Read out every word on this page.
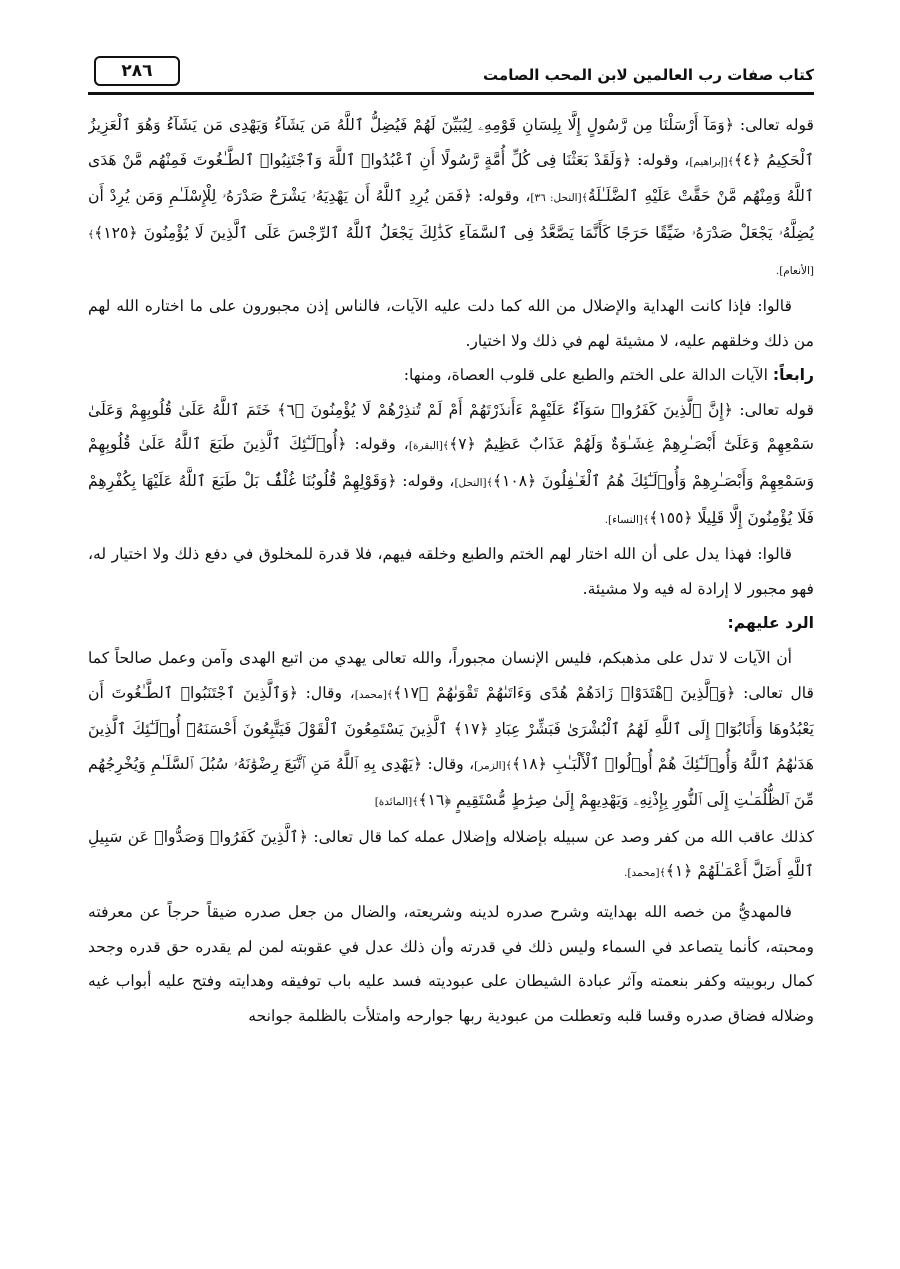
كتاب صفات رب العالمين لابن المحب الصامت
٢٨٦

قوله تعالى: ﴿وَمَآ أَرْسَلْنَا مِن رَّسُولٍ إِلَّا بِلِسَانِ قَوْمِهِۦ لِيُبَيِّنَ لَهُمْ فَيُضِلُّ ٱللَّهُ مَن يَشَآءُ وَيَهْدِى مَن يَشَآءُ وَهُوَ ٱلْعَزِيزُ ٱلْحَكِيمُ ﴿٤﴾﴾[إبراهيم]، وقوله: ﴿وَلَقَدْ بَعَثْنَا فِى كُلِّ أُمَّةٍ رَّسُولًا أَنِ ٱعْبُدُوا۟ ٱللَّهَ وَٱجْتَنِبُوا۟ ٱلطَّـٰغُوتَ فَمِنْهُم مَّنْ هَدَى ٱللَّهُ وَمِنْهُم مَّنْ حَقَّتْ عَلَيْهِ ٱلضَّلَـٰلَةُ﴾[النحل: ٣٦]، وقوله: ﴿فَمَن يُرِدِ ٱللَّهُ أَن يَهْدِيَهُۥ يَشْرَحْ صَدْرَهُۥ لِلْإِسْلَـٰمِ وَمَن يُرِدْ أَن يُضِلَّهُۥ يَجْعَلْ صَدْرَهُۥ ضَيِّقًا حَرَجًا كَأَنَّمَا يَصَّعَّدُ فِى ٱلسَّمَآءِ كَذَٰلِكَ يَجْعَلُ ٱللَّهُ ٱلرِّجْسَ عَلَى ٱلَّذِينَ لَا يُؤْمِنُونَ ﴿١٢٥﴾﴾[الأنعام].

قالوا: فإذا كانت الهداية والإضلال من الله كما دلت عليه الآيات، فالناس إذن مجبورون على ما اختاره الله لهم من ذلك وخلقهم عليه، لا مشيئة لهم في ذلك ولا اختيار.

رابعاً: الآيات الدالة على الختم والطبع على قلوب العصاة، ومنها:

قوله تعالى: ﴿إِنَّ ٱلَّذِينَ كَفَرُوا۟ سَوَآءٌ عَلَيْهِمْ ءَأَنذَرْتَهُمْ أَمْ لَمْ تُنذِرْهُمْ لَا يُؤْمِنُونَ ﴿٦﴾ خَتَمَ ٱللَّهُ عَلَىٰ قُلُوبِهِمْ وَعَلَىٰ سَمْعِهِمْ وَعَلَىٰٓ أَبْصَـٰرِهِمْ غِشَـٰوَةٌ وَلَهُمْ عَذَابٌ عَظِيمٌ ﴿٧﴾﴾[البقرة]، وقوله: ﴿أُو۟لَـٰٓئِكَ ٱلَّذِينَ طَبَعَ ٱللَّهُ عَلَىٰ قُلُوبِهِمْ وَسَمْعِهِمْ وَأَبْصَـٰرِهِمْ وَأُو۟لَـٰٓئِكَ هُمُ ٱلْغَـٰفِلُونَ ﴿١٠٨﴾﴾[النحل]، وقوله: ﴿وَقَوْلِهِمْ قُلُوبُنَا غُلْفٌۢ بَلْ طَبَعَ ٱللَّهُ عَلَيْهَا بِكُفْرِهِمْ فَلَا يُؤْمِنُونَ إِلَّا قَلِيلًا ﴿١٥٥﴾﴾[النساء].

قالوا: فهذا يدل على أن الله اختار لهم الختم والطبع وخلقه فيهم، فلا قدرة للمخلوق في دفع ذلك ولا اختيار له، فهو مجبور لا إرادة له فيه ولا مشيئة.

الرد عليهم:

أن الآيات لا تدل على مذهبكم، فليس الإنسان مجبوراً، والله تعالى يهدي من اتبع الهدى وآمن وعمل صالحاً كما قال تعالى: ﴿وَٱلَّذِينَ ٱهْتَدَوْا۟ زَادَهُمْ هُدًى وَءَاتَىٰهُمْ تَقْوَىٰهُمْ ﴿١٧﴾﴾[محمد]، وقال: ﴿وَٱلَّذِينَ ٱجْتَنَبُوا۟ ٱلطَّـٰغُوتَ أَن يَعْبُدُوهَا وَأَنَابُوٓا۟ إِلَى ٱللَّهِ لَهُمُ ٱلْبُشْرَىٰ فَبَشِّرْ عِبَادِ ﴿١٧﴾ ٱلَّذِينَ يَسْتَمِعُونَ ٱلْقَوْلَ فَيَتَّبِعُونَ أَحْسَنَهُۥٓ أُو۟لَـٰٓئِكَ ٱلَّذِينَ هَدَىٰهُمُ ٱللَّهُ وَأُو۟لَـٰٓئِكَ هُمْ أُو۟لُوا۟ ٱلْأَلْبَـٰبِ ﴿١٨﴾﴾[الزمر]، وقال: ﴿يَهْدِى بِهِ ٱللَّهُ مَنِ ٱتَّبَعَ رِضْوَٰنَهُۥ سُبُلَ ٱلسَّلَـٰمِ وَيُخْرِجُهُم مِّنَ ٱلظُّلُمَـٰتِ إِلَى ٱلنُّورِ بِإِذْنِهِۦ وَيَهْدِيهِمْ إِلَىٰ صِرَٰطٍ مُّسْتَقِيمٍ ﴿١٦﴾﴾[المائدة]

كذلك عاقب الله من كفر وصد عن سبيله بإضلاله وإضلال عمله كما قال تعالى: ﴿ٱلَّذِينَ كَفَرُوا۟ وَصَدُّوا۟ عَن سَبِيلِ ٱللَّهِ أَضَلَّ أَعْمَـٰلَهُمْ ﴿١﴾﴾[محمد].

فالمهديُّ من خصه الله بهدايته وشرح صدره لدينه وشريعته، والضال من جعل صدره ضيقاً حرجاً عن معرفته ومحبته، كأنما يتصاعد في السماء وليس ذلك في قدرته وأن ذلك عدل في عقوبته لمن لم يقدره حق قدره وجحد كمال ربوبيته وكفر بنعمته وآثر عبادة الشيطان على عبوديته فسد عليه باب توفيقه وهدايته وفتح عليه أبواب غيه وضلاله فضاق صدره وقسا قلبه وتعطلت من عبودية ربها جوارحه وامتلأت بالظلمة جوانحه
